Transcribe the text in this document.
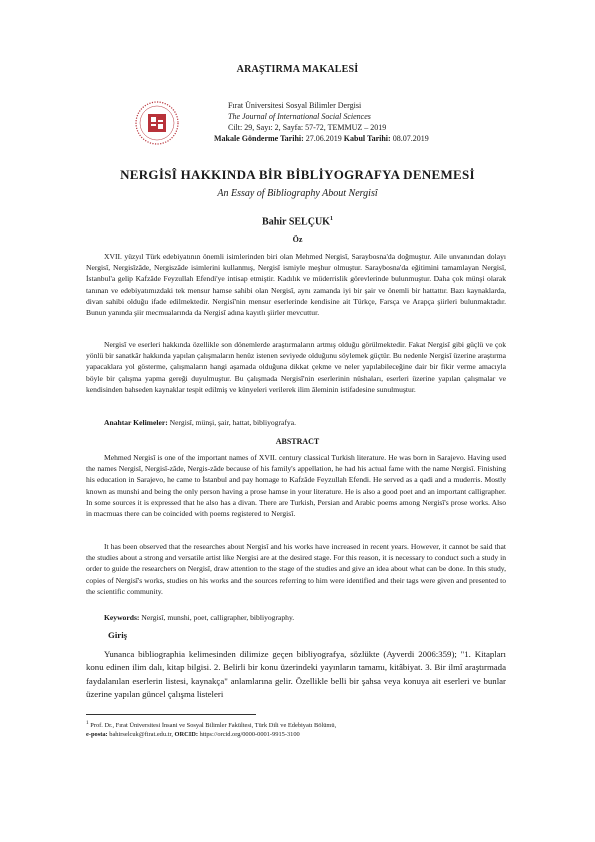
ARAŞTIRMA MAKALESİ
Fırat Üniversitesi Sosyal Bilimler Dergisi
The Journal of International Social Sciences
Cilt: 29, Sayı: 2, Sayfa: 57-72, TEMMUZ – 2019
Makale Gönderme Tarihi: 27.06.2019 Kabul Tarihi: 08.07.2019
NERGİSÎ HAKKINDA BİR BİBLİYOGRAFYA DENEMESİ
An Essay of Bibliography About Nergisî
Bahir SELÇUK$^1$
Öz
XVII. yüzyıl Türk edebiyatının önemli isimlerinden biri olan Mehmed Nergisî, Saraybosna'da doğmuştur. Aile unvanından dolayı Nergisî, Nergisîzâde, Nergiszâde isimlerini kullanmış, Nergisî ismiyle meşhur olmuştur. Saraybosna'da eğitimini tamamlayan Nergisî, İstanbul'a gelip Kafzâde Feyzullah Efendi'ye intisap etmiştir. Kadılık ve müderrislik görevlerinde bulunmuştur. Daha çok münşi olarak tanınan ve edebiyatımızdaki tek mensur hamse sahibi olan Nergisî, aynı zamanda iyi bir şair ve önemli bir hattattır. Bazı kaynaklarda, divan sahibi olduğu ifade edilmektedir. Nergisî'nin mensur eserlerinde kendisine ait Türkçe, Farsça ve Arapça şiirleri bulunmaktadır. Bunun yanında şiir mecmualarında da Nergisî adına kayıtlı şiirler mevcuttur.
Nergisî ve eserleri hakkında özellikle son dönemlerde araştırmaların artmış olduğu görülmektedir. Fakat Nergisî gibi güçlü ve çok yönlü bir sanatkâr hakkında yapılan çalışmaların henüz istenen seviyede olduğunu söylemek güçtür. Bu nedenle Nergisî üzerine araştırma yapacaklara yol gösterme, çalışmaların hangi aşamada olduğuna dikkat çekme ve neler yapılabileceğine dair bir fikir verme amacıyla böyle bir çalışma yapma gereği duyulmuştur. Bu çalışmada Nergisî'nin eserlerinin nüshaları, eserleri üzerine yapılan çalışmalar ve kendisinden bahseden kaynaklar tespit edilmiş ve künyeleri verilerek ilim âleminin istifadesine sunulmuştur.
Anahtar Kelimeler: Nergisî, münşi, şair, hattat, bibliyografya.
ABSTRACT
Mehmed Nergisî is one of the important names of XVII. century classical Turkish literature. He was born in Sarajevo. Having used the names Nergisî, Nergisî-zâde, Nergis-zâde because of his family's appellation, he had his actual fame with the name Nergisî. Finishing his education in Sarajevo, he came to İstanbul and pay homage to Kafzâde Feyzullah Efendi. He served as a qadi and a muderris. Mostly known as munshi and being the only person having a prose hamse in your literature. He is also a good poet and an important calligrapher. In some sources it is expressed that he also has a divan. There are Turkish, Persian and Arabic poems among Nergisî's prose works. Also in macmuas there can be coincided with poems registered to Nergisî.
It has been observed that the researches about Nergisî and his works have increased in recent years. However, it cannot be said that the studies about a strong and versatile artist like Nergisi are at the desired stage. For this reason, it is necessary to conduct such a study in order to guide the researchers on Nergisî, draw attention to the stage of the studies and give an idea about what can be done. In this study, copies of Nergisî's works, studies on his works and the sources referring to him were identified and their tags were given and presented to the scientific community.
Keywords: Nergisî, munshi, poet, calligrapher, bibliyography.
Giriş
Yunanca bibliographia kelimesinden dilimize geçen bibliyografya, sözlükte (Ayverdi 2006:359); "1. Kitapları konu edinen ilim dalı, kitap bilgisi. 2. Belirli bir konu üzerindeki yayınların tamamı, kitâbiyat. 3. Bir ilmî araştırmada faydalanılan eserlerin listesi, kaynakça" anlamlarına gelir. Özellikle belli bir şahsa veya konuya ait eserleri ve bunlar üzerine yapılan güncel çalışma listeleri
$^1$ Prof. Dr., Fırat Üniversitesi İnsani ve Sosyal Bilimler Fakültesi, Türk Dili ve Edebiyatı Bölümü,
e-posta: bahirselcuk@firat.edu.tr, ORCID: https://orcid.org/0000-0001-9915-3100
